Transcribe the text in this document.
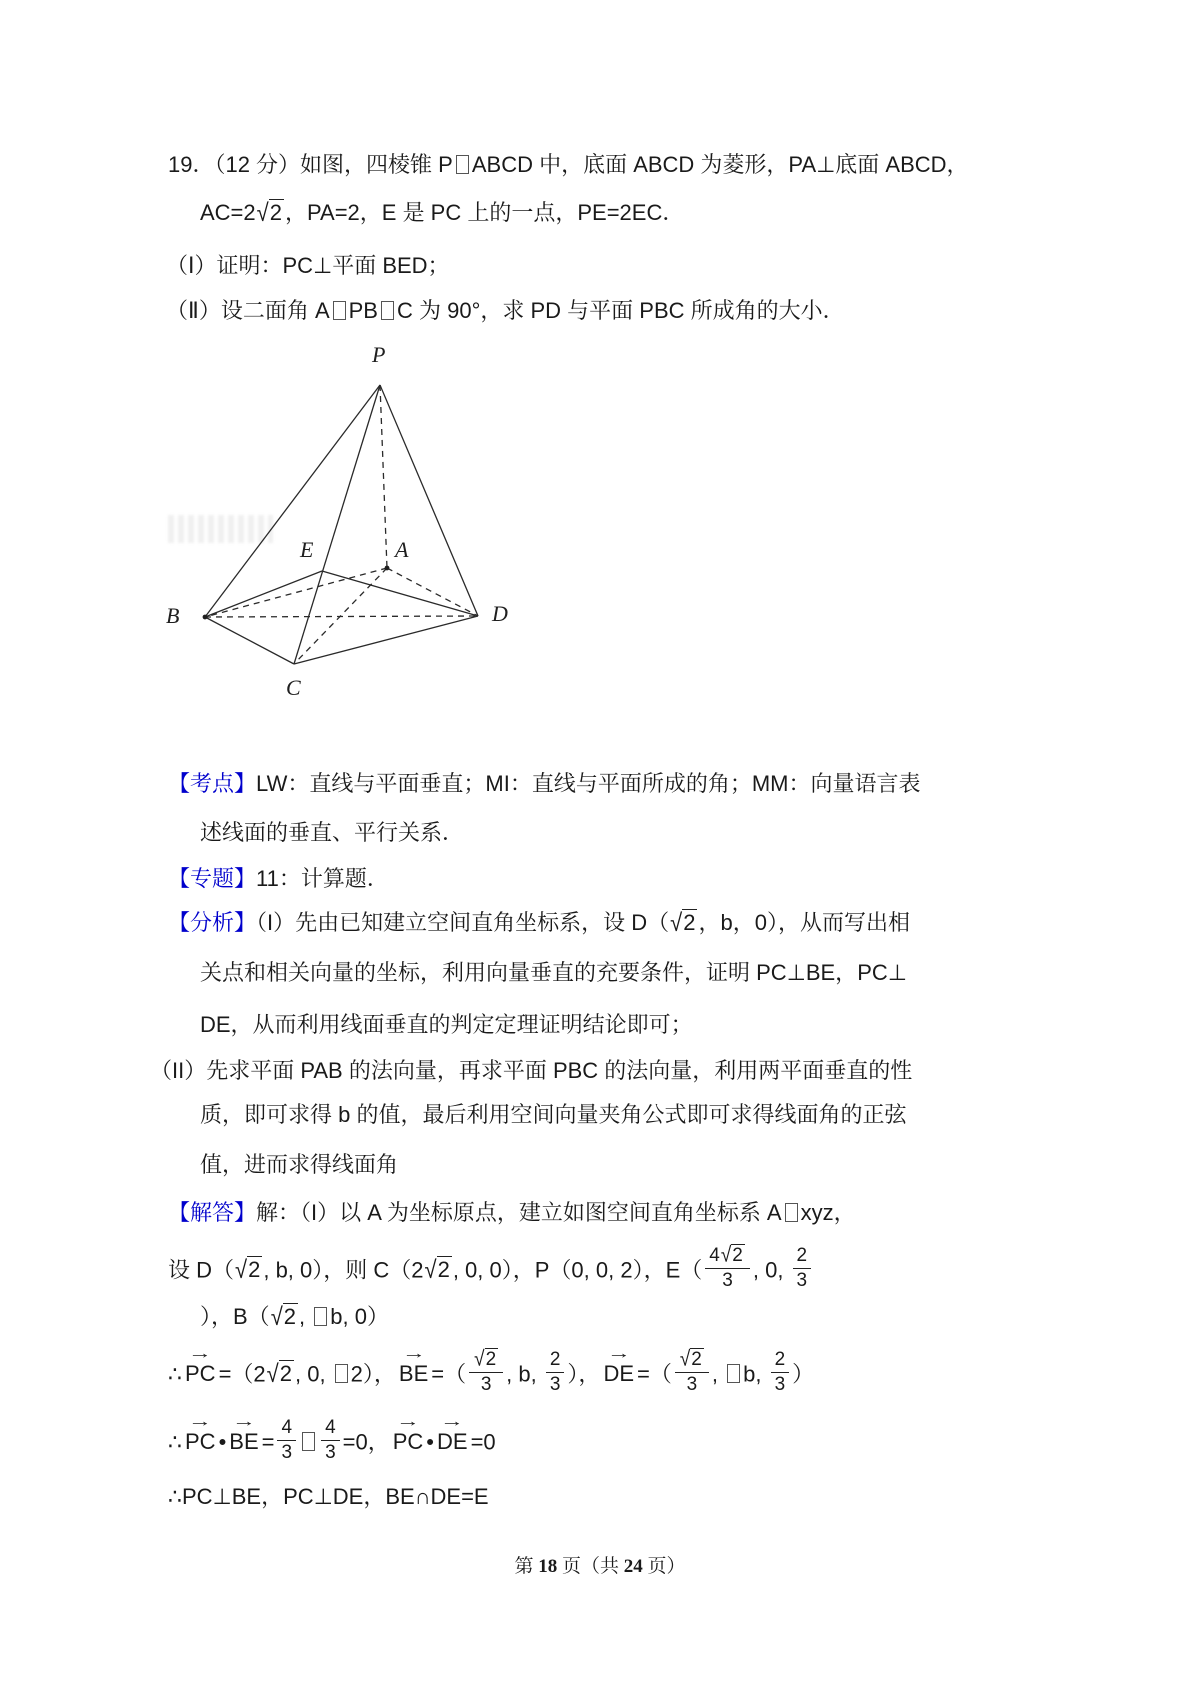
19．（12 分）如图，四棱锥 P ABCD 中，底面 ABCD 为菱形，PA⊥底面 ABCD，
AC=2√2 ，PA=2，E 是 PC 上的一点，PE=2EC．
（Ⅰ）证明：PC⊥平面 BED；
（Ⅱ）设二面角 A PB C 为 90°，求 PD 与平面 PBC 所成角的大小．
【考点】LW：直线与平面垂直；MI：直线与平面所成的角；MM：向量语言表
述线面的垂直、平行关系．
【专题】11：计算题．
【分析】（I）先由已知建立空间直角坐标系，设 D（√2 ，b，0），从而写出相
关点和相关向量的坐标，利用向量垂直的充要条件，证明 PC⊥BE，PC⊥
DE，从而利用线面垂直的判定定理证明结论即可；
（II）先求平面 PAB 的法向量，再求平面 PBC 的法向量，利用两平面垂直的性
质，即可求得 b 的值，最后利用空间向量夹角公式即可求得线面角的正弦
值，进而求得线面角
【解答】解：（I）以 A 为坐标原点，建立如图空间直角坐标系 A xyz，
设 D（√2 , b, 0），则 C（2√2 , 0, 0），P（0, 0, 2），$E( \frac{4√2}{3}$ , 0, $\frac{2}{3}$
），B（√2 , b, 0）
∴
→
PC =（2√2 , 0, 2），
→
BE =（ $\frac{√2}{3}$ , b, $\frac{2}{3}$ ），
→
DE =（ $\frac{√2}{3}$ , b, $\frac{2}{3}$ ）
∴
→
PC •
→
BE = $\frac{4}{3} \frac{4}{3} =0$，
→
PC •
→
DE =0
∴PC⊥BE，PC⊥DE，BE∩DE=E
第 18 页（共 24 页）
P
B
C
D
E	A
